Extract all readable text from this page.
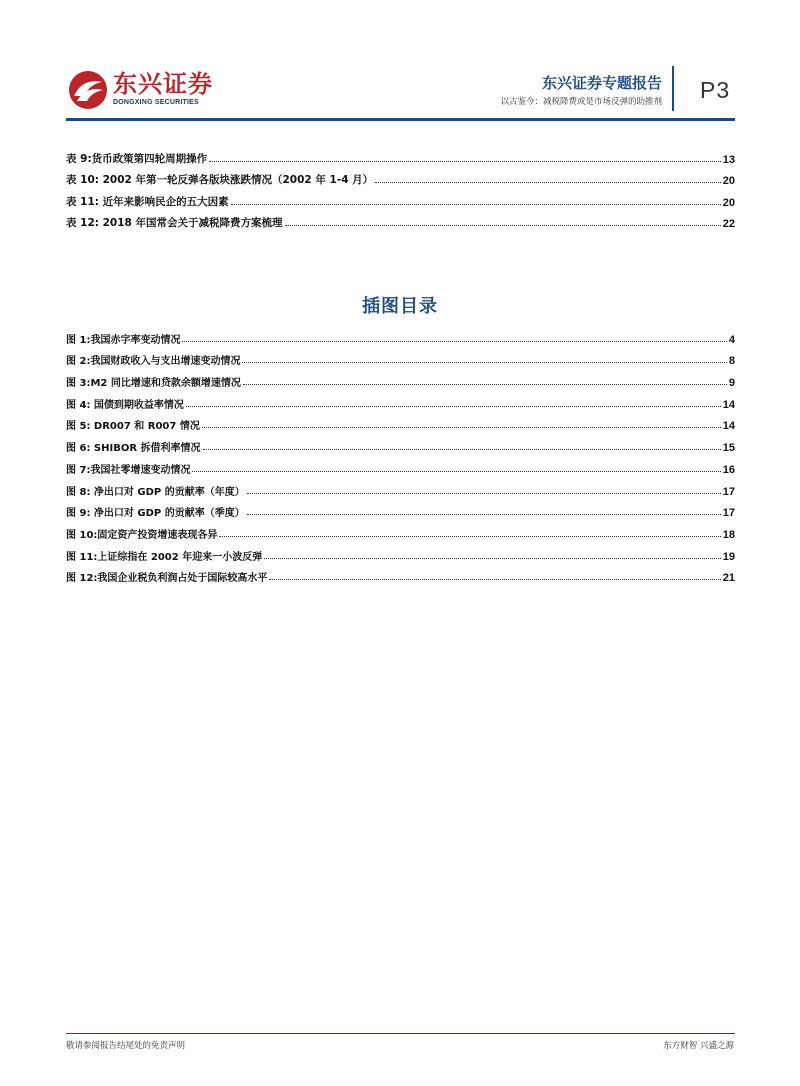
东兴证券
DONGXING SECURITIES
东兴证券专题报告
以古鉴今：减税降费或是市场反弹的助推剂 P3
表 9:货币政策第四轮周期操作	13
表 10: 2002 年第一轮反弹各版块涨跌情况（2002 年 1-4 月）	20
表 11: 近年来影响民企的五大因素	20
表 12: 2018 年国常会关于减税降费方案梳理	22
插图目录
图 1:我国赤字率变动情况	4
图 2:我国财政收入与支出增速变动情况	8
图 3:M2 同比增速和贷款余额增速情况	9
图 4: 国债到期收益率情况	14
图 5: DR007 和 R007 情况	14
图 6: SHIBOR 拆借利率情况	15
图 7:我国社零增速变动情况	16
图 8: 净出口对 GDP 的贡献率（年度）	17
图 9: 净出口对 GDP 的贡献率（季度）	17
图 10:固定资产投资增速表现各异	18
图 11:上证综指在 2002 年迎来一小波反弹	19
图 12:我国企业税负利润占处于国际较高水平	21
敬请参阅报告结尾处的免责声明	东方财智 兴盛之源
